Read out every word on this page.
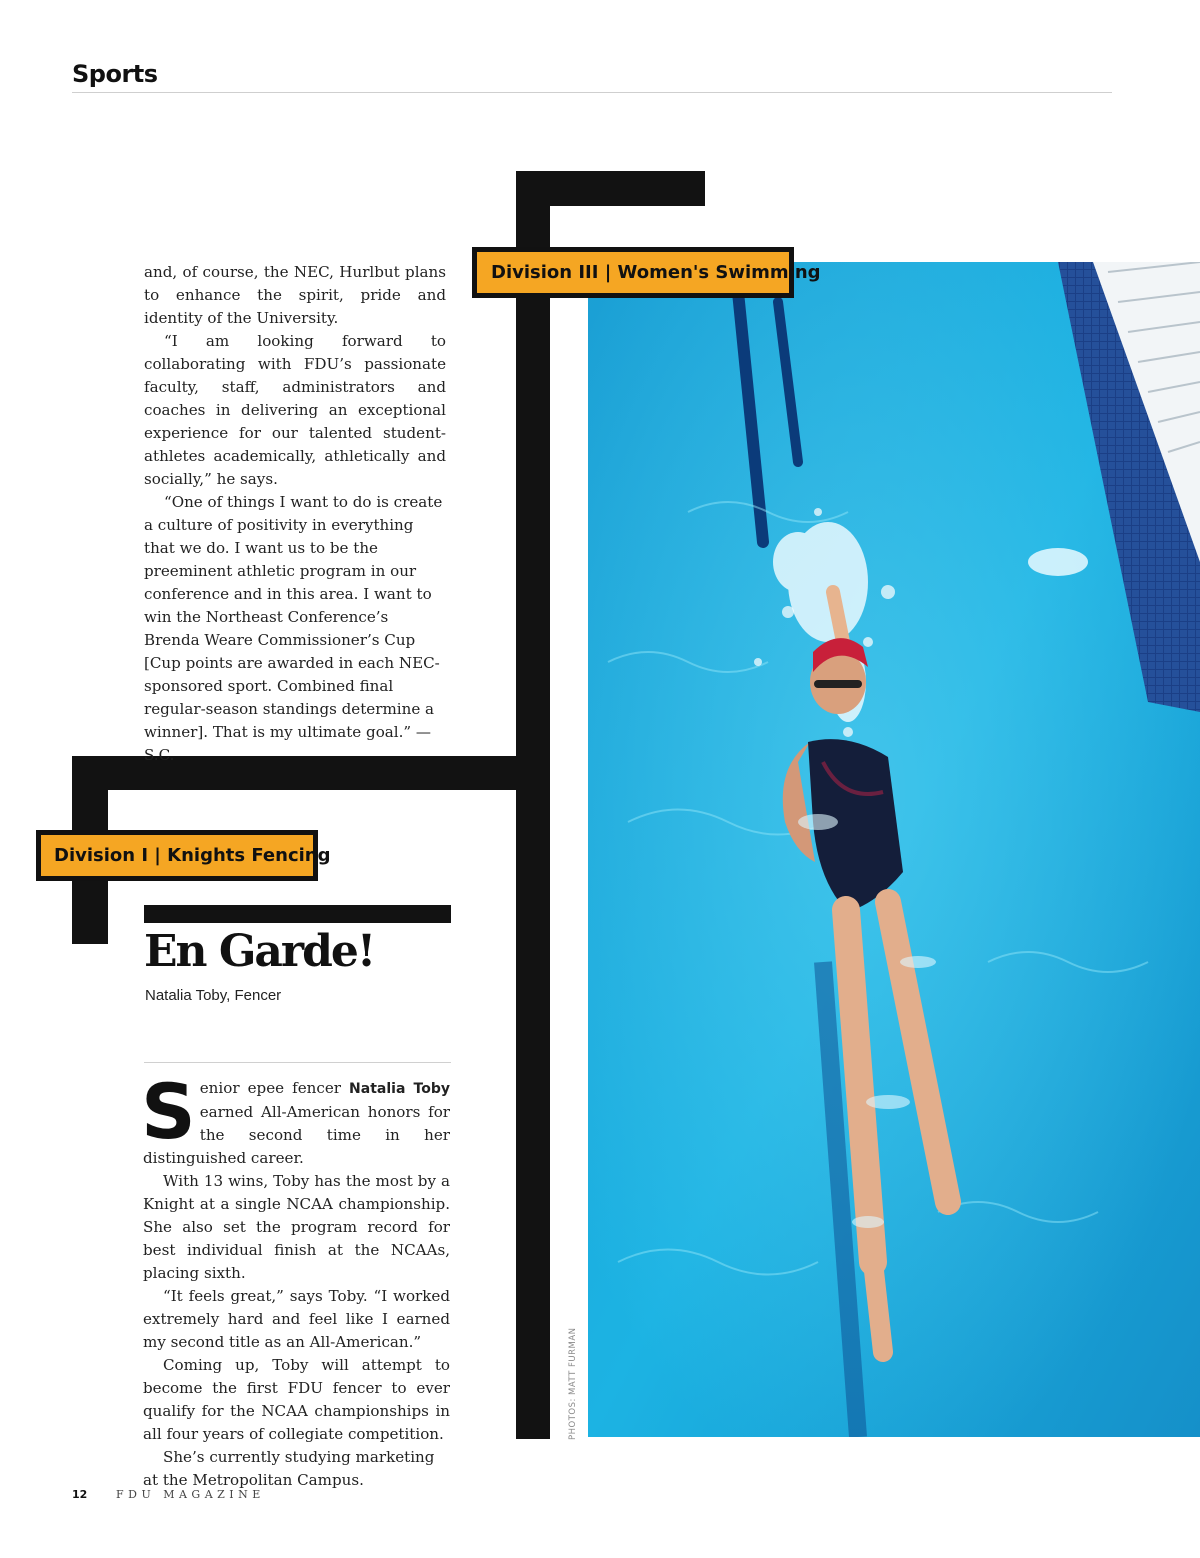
Sports
Division III | Women's Swimming
Division I | Knights Fencing

and, of course, the NEC, Hurlbut plans to enhance the spirit, pride and identity of the University.

“I am looking forward to collaborating with FDU’s passionate faculty, staff, administrators and coaches in delivering an exceptional experience for our talented student-athletes academically, athletically and socially,” he says.

“One of things I want to do is create a culture of positivity in everything that we do. I want us to be the preeminent athletic program in our conference and in this area. I want to win the Northeast Conference’s Brenda Weare Commissioner’s Cup [Cup points are awarded in each NEC-sponsored sport. Combined final regular-season standings determine a winner]. That is my ultimate goal.” —S.C.

En Garde!
Natalia Toby, Fencer

Senior epee fencer Natalia Toby earned All-American honors for the second time in her distinguished career.

With 13 wins, Toby has the most by a Knight at a single NCAA championship. She also set the program record for best individual finish at the NCAAs, placing sixth.

“It feels great,” says Toby. “I worked extremely hard and feel like I earned my second title as an All-American.”

Coming up, Toby will attempt to become the first FDU fencer to ever qualify for the NCAA championships in all four years of collegiate competition.

She’s currently studying marketing at the Metropolitan Campus.

PHOTOS: MATT FURMAN
12	FDU MAGAZINE
